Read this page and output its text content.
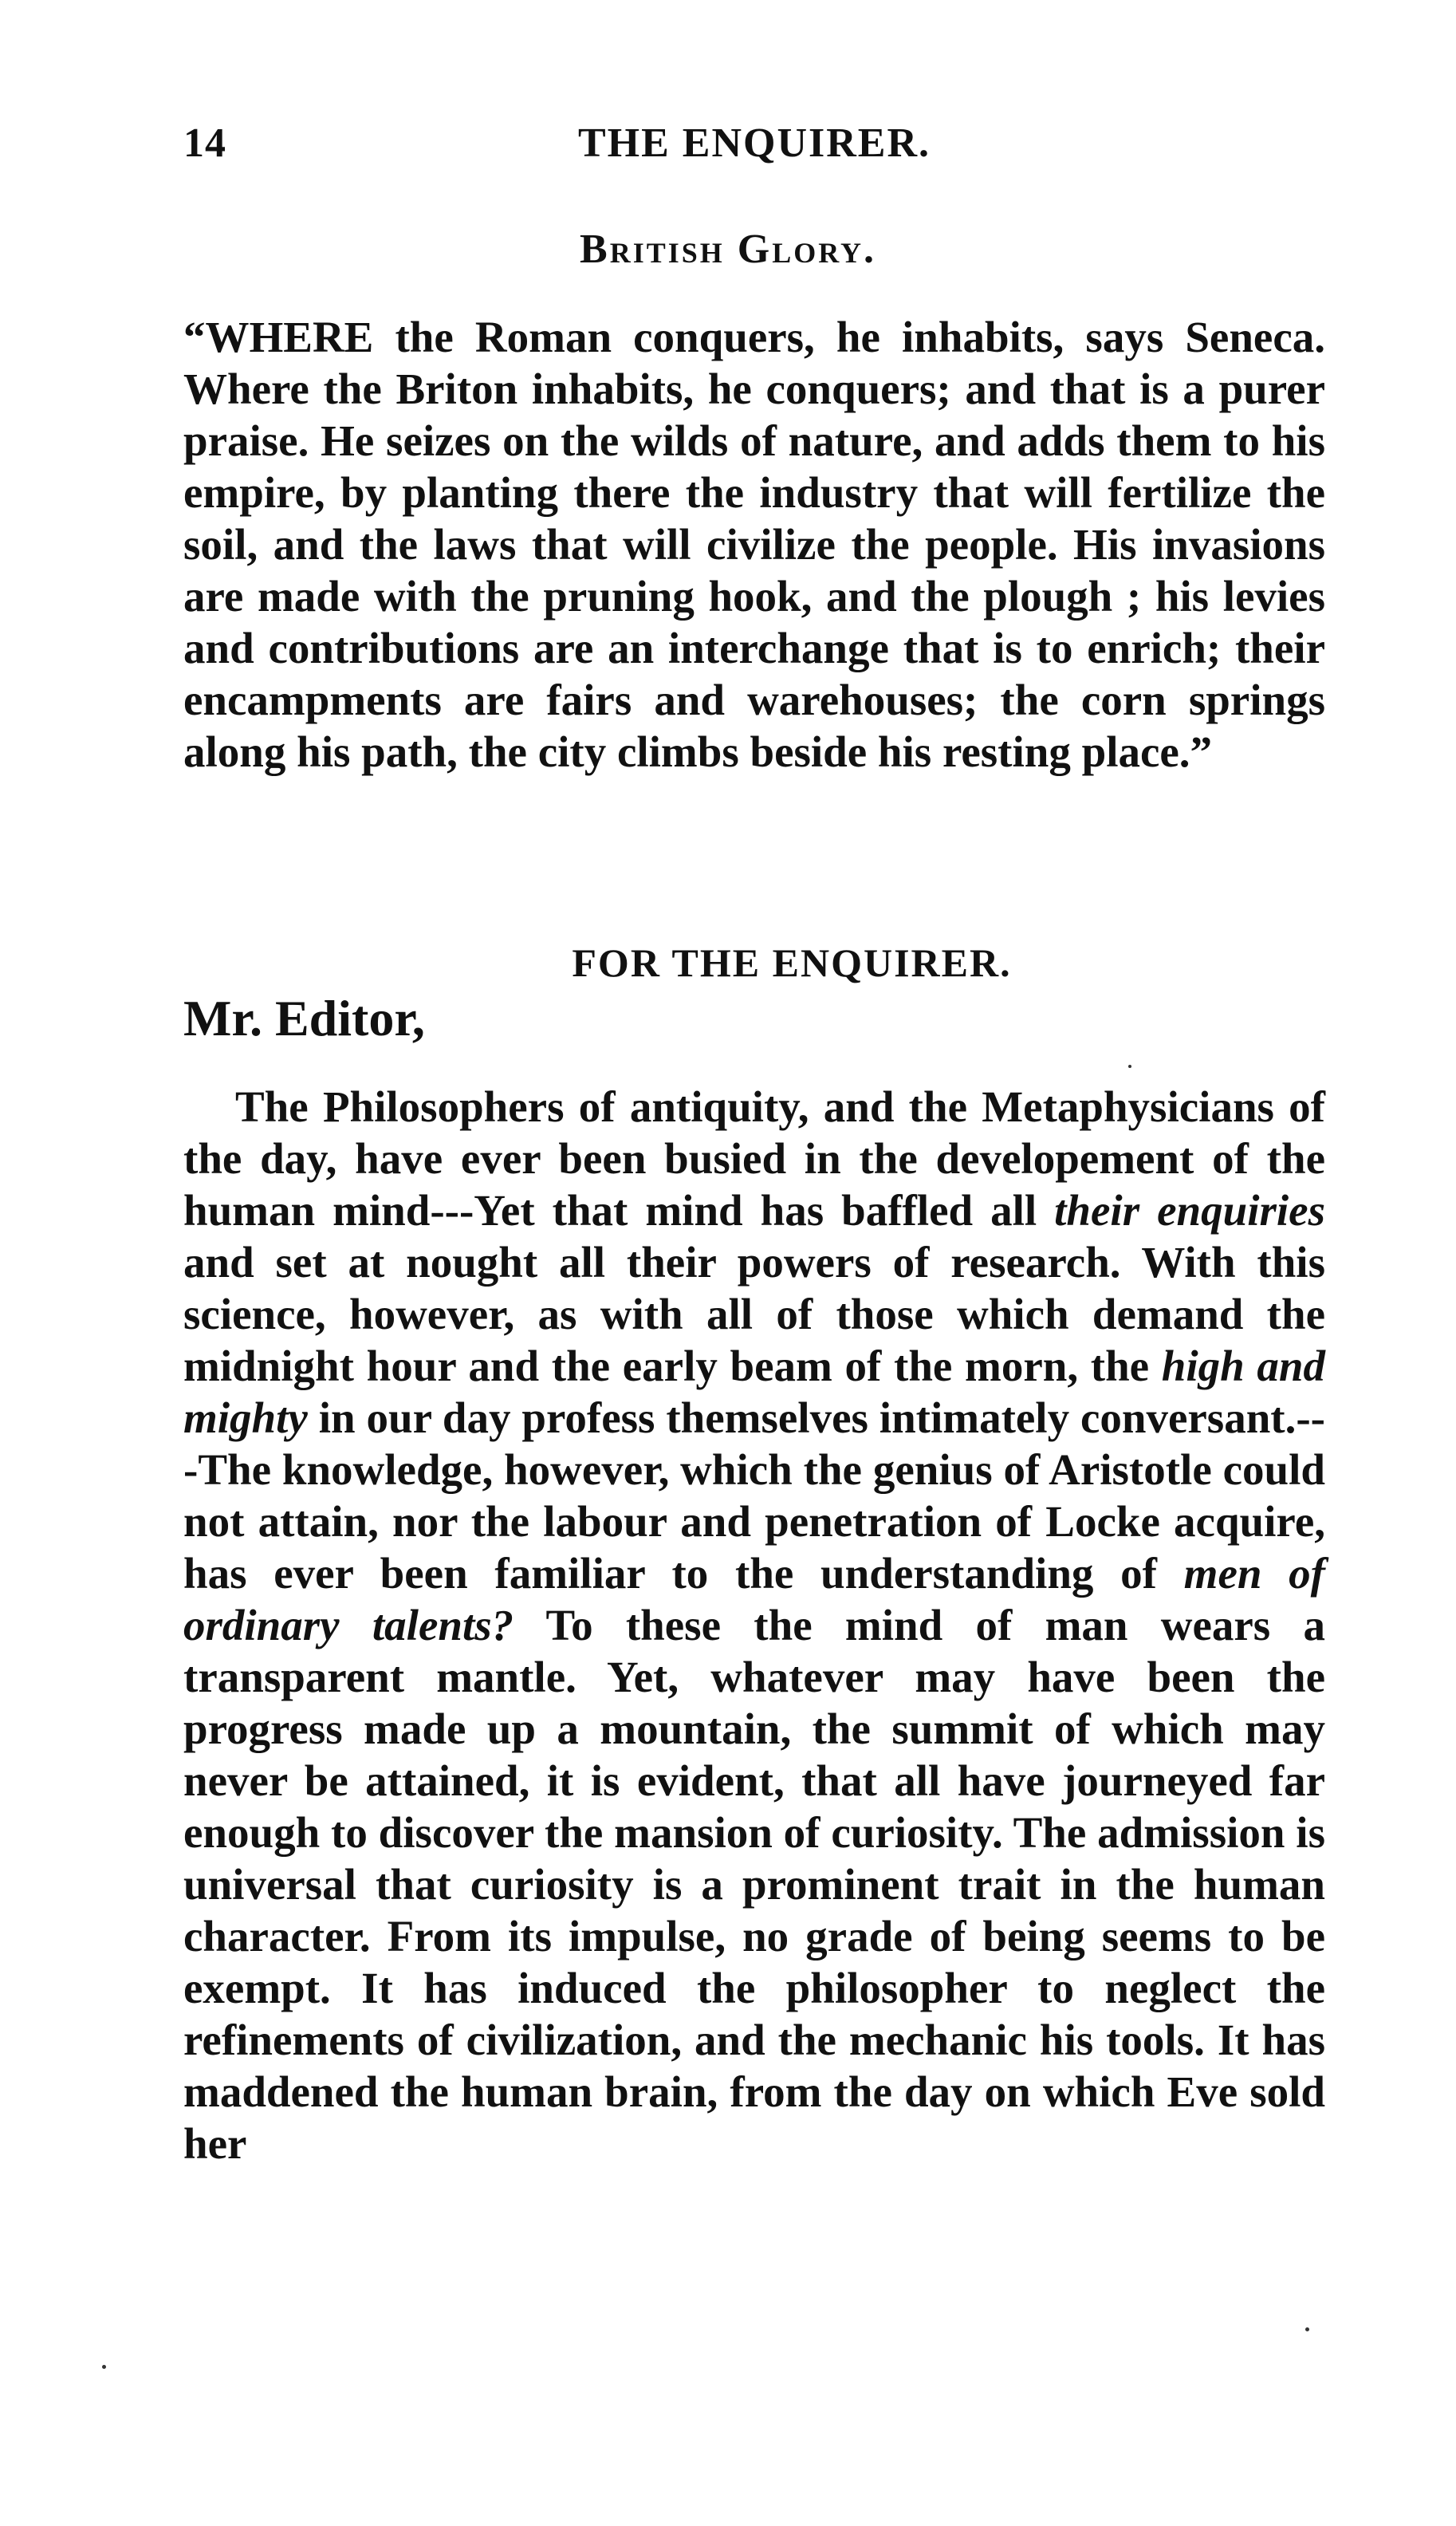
14	THE ENQUIRER.
British Glory.

“WHERE the Roman conquers, he inhabits, says Seneca. Where the Briton inhabits, he conquers; and that is a purer praise. He seizes on the wilds of nature, and adds them to his empire, by planting there the industry that will fertilize the soil, and the laws that will civilize the people. His invasions are made with the pruning hook, and the plough ; his levies and contributions are an interchange that is to enrich; their encampments are fairs and warehouses; the corn springs along his path, the city climbs beside his resting place.”

FOR THE ENQUIRER.
Mr. Editor,

The Philosophers of antiquity, and the Metaphysicians of the day, have ever been busied in the developement of the human mind---Yet that mind has baffled all their enquiries and set at nought all their powers of research. With this science, however, as with all of those which demand the midnight hour and the early beam of the morn, the high and mighty in our day profess themselves intimately conversant.---The knowledge, however, which the genius of Aristotle could not attain, nor the labour and penetration of Locke acquire, has ever been familiar to the understanding of men of ordinary talents? To these the mind of man wears a transparent mantle. Yet, whatever may have been the progress made up a mountain, the summit of which may never be attained, it is evident, that all have journeyed far enough to discover the mansion of curiosity. The admission is universal that curiosity is a prominent trait in the human character. From its impulse, no grade of being seems to be exempt. It has induced the philosopher to neglect the refinements of civilization, and the mechanic his tools. It has maddened the human brain, from the day on which Eve sold her
